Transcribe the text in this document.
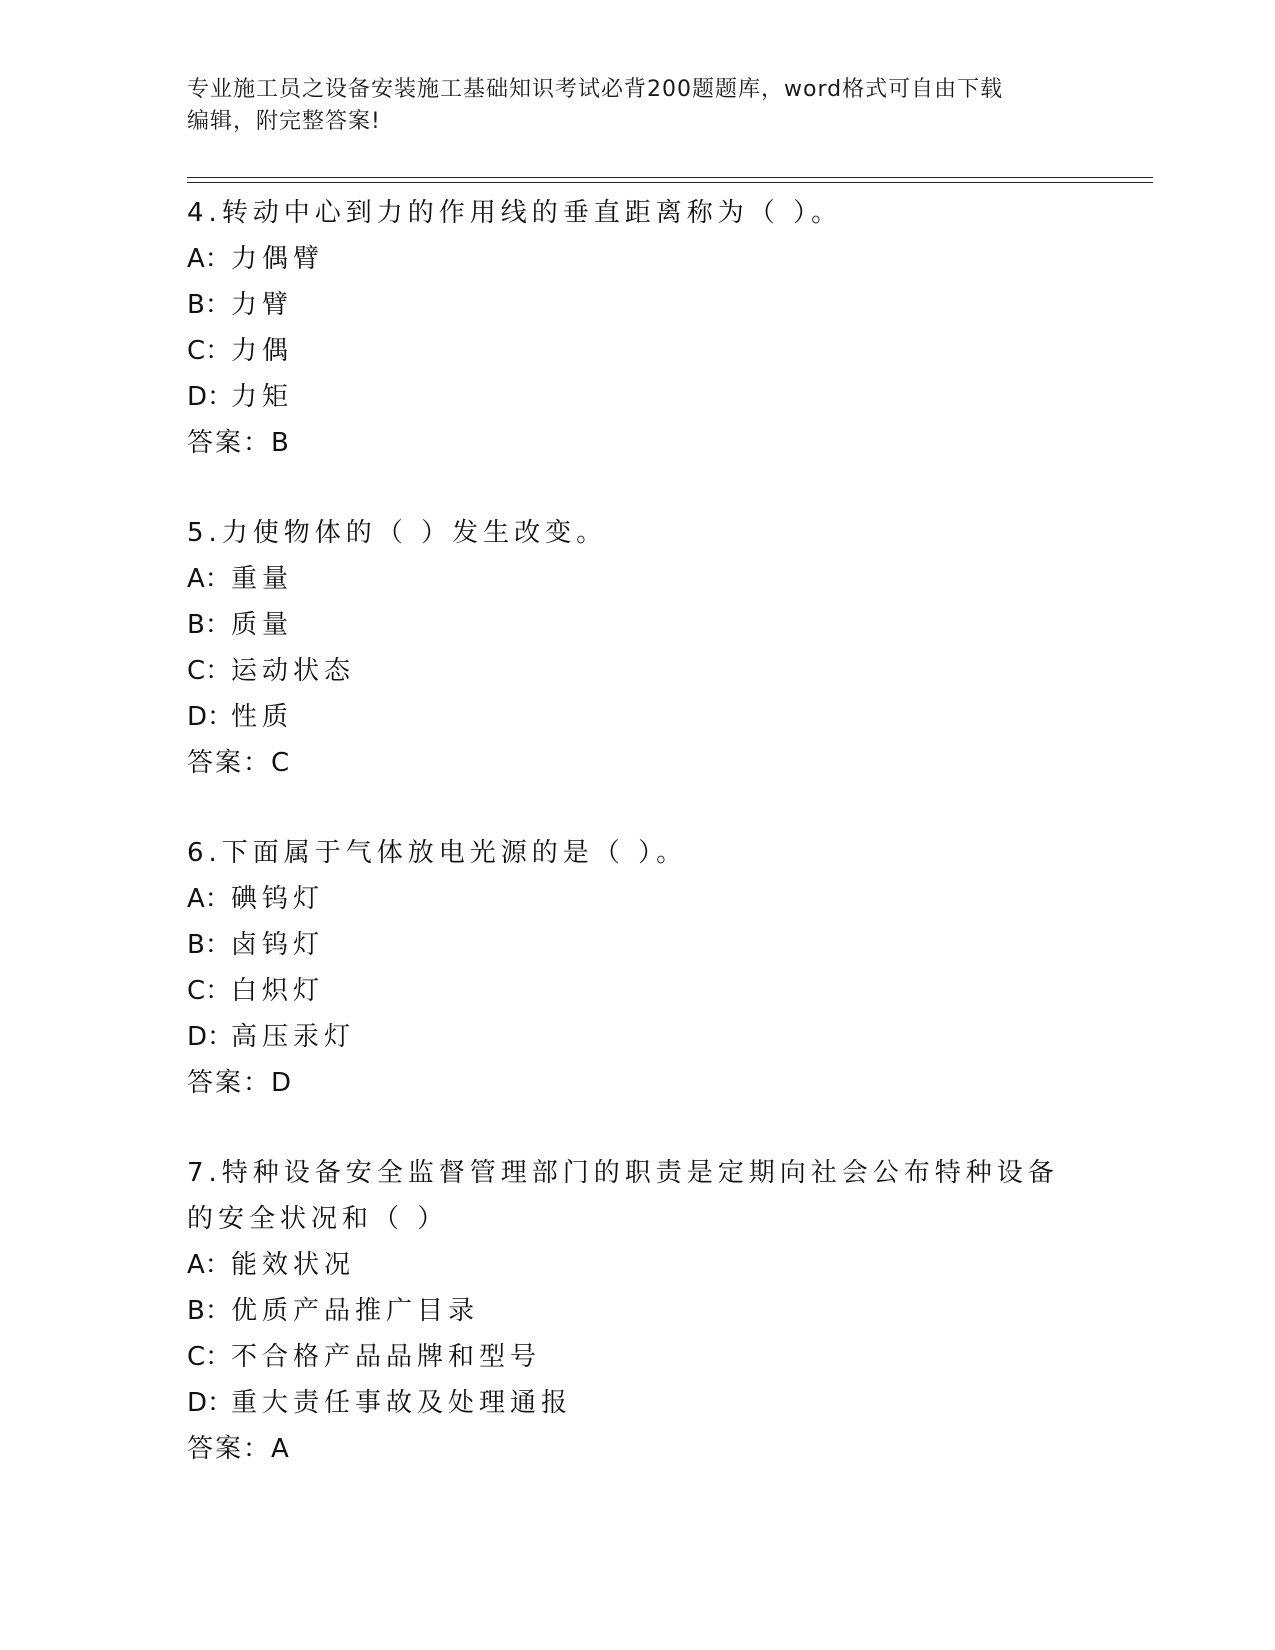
专业施工员之设备安装施工基础知识考试必背200题题库，word格式可自由下载
编辑，附完整答案!
4.转动中心到力的作用线的垂直距离称为（ ）。
A：力偶臂
B：力臂
C：力偶
D：力矩
答案：B
5.力使物体的（ ）发生改变。
A：重量
B：质量
C：运动状态
D：性质
答案：C
6.下面属于气体放电光源的是（ ）。
A：碘钨灯
B：卤钨灯
C：白炽灯
D：高压汞灯
答案：D
7.特种设备安全监督管理部门的职责是定期向社会公布特种设备的安全状况和（ ）
A：能效状况
B：优质产品推广目录
C：不合格产品品牌和型号
D：重大责任事故及处理通报
答案：A
